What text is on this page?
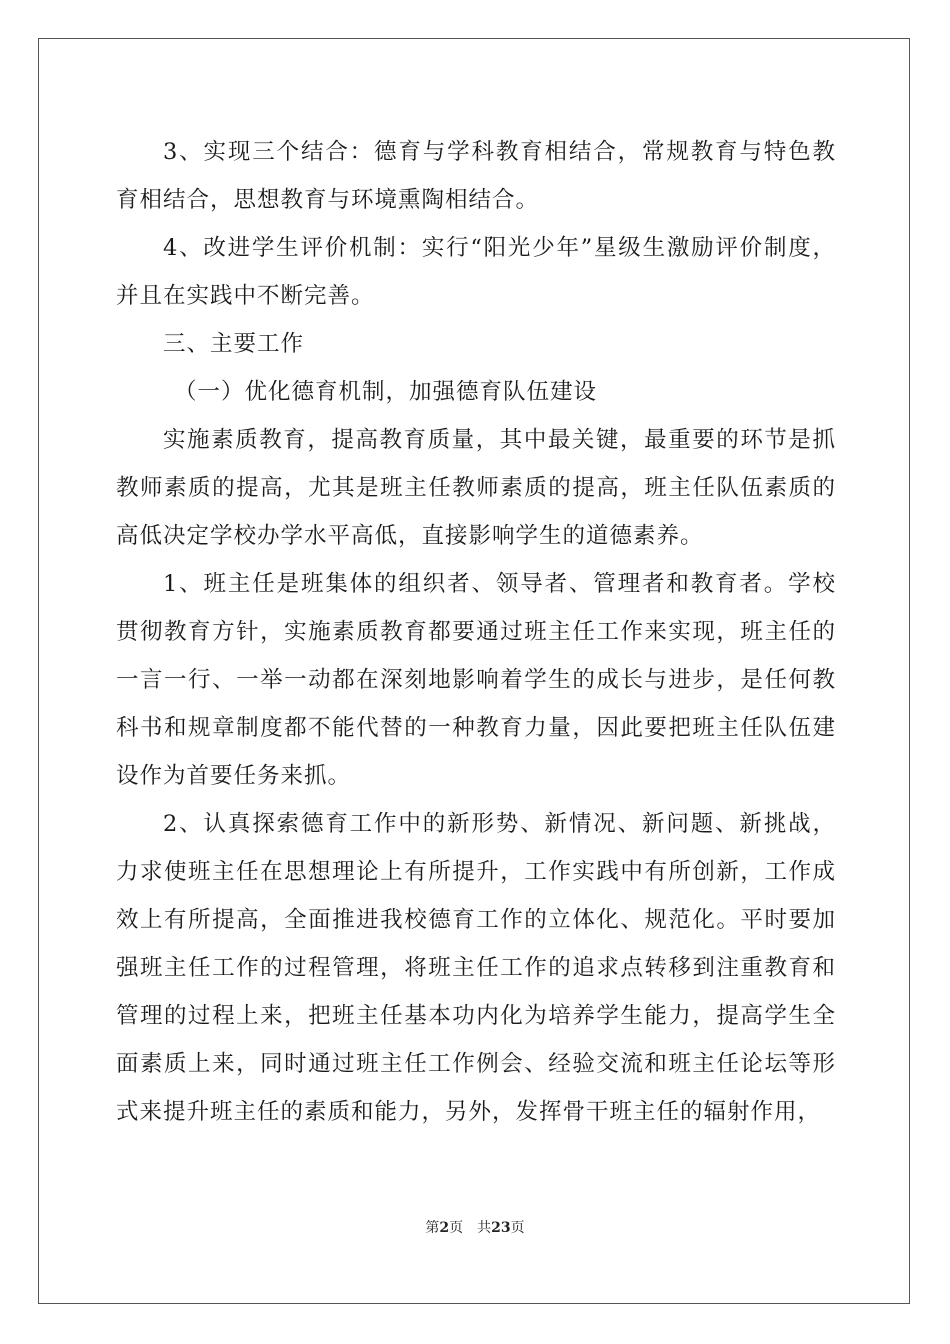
3、实现三个结合：德育与学科教育相结合，常规教育与特色教育相结合，思想教育与环境熏陶相结合。

4、改进学生评价机制：实行“阳光少年”星级生激励评价制度，并且在实践中不断完善。

三、主要工作

（一）优化德育机制，加强德育队伍建设

实施素质教育，提高教育质量，其中最关键，最重要的环节是抓教师素质的提高，尤其是班主任教师素质的提高，班主任队伍素质的高低决定学校办学水平高低，直接影响学生的道德素养。

1、班主任是班集体的组织者、领导者、管理者和教育者。学校贯彻教育方针，实施素质教育都要通过班主任工作来实现，班主任的一言一行、一举一动都在深刻地影响着学生的成长与进步，是任何教科书和规章制度都不能代替的一种教育力量，因此要把班主任队伍建设作为首要任务来抓。

2、认真探索德育工作中的新形势、新情况、新问题、新挑战，力求使班主任在思想理论上有所提升，工作实践中有所创新，工作成效上有所提高，全面推进我校德育工作的立体化、规范化。平时要加强班主任工作的过程管理，将班主任工作的追求点转移到注重教育和管理的过程上来，把班主任基本功内化为培养学生能力，提高学生全面素质上来，同时通过班主任工作例会、经验交流和班主任论坛等形式来提升班主任的素质和能力，另外，发挥骨干班主任的辐射作用，

第2页 共23页
